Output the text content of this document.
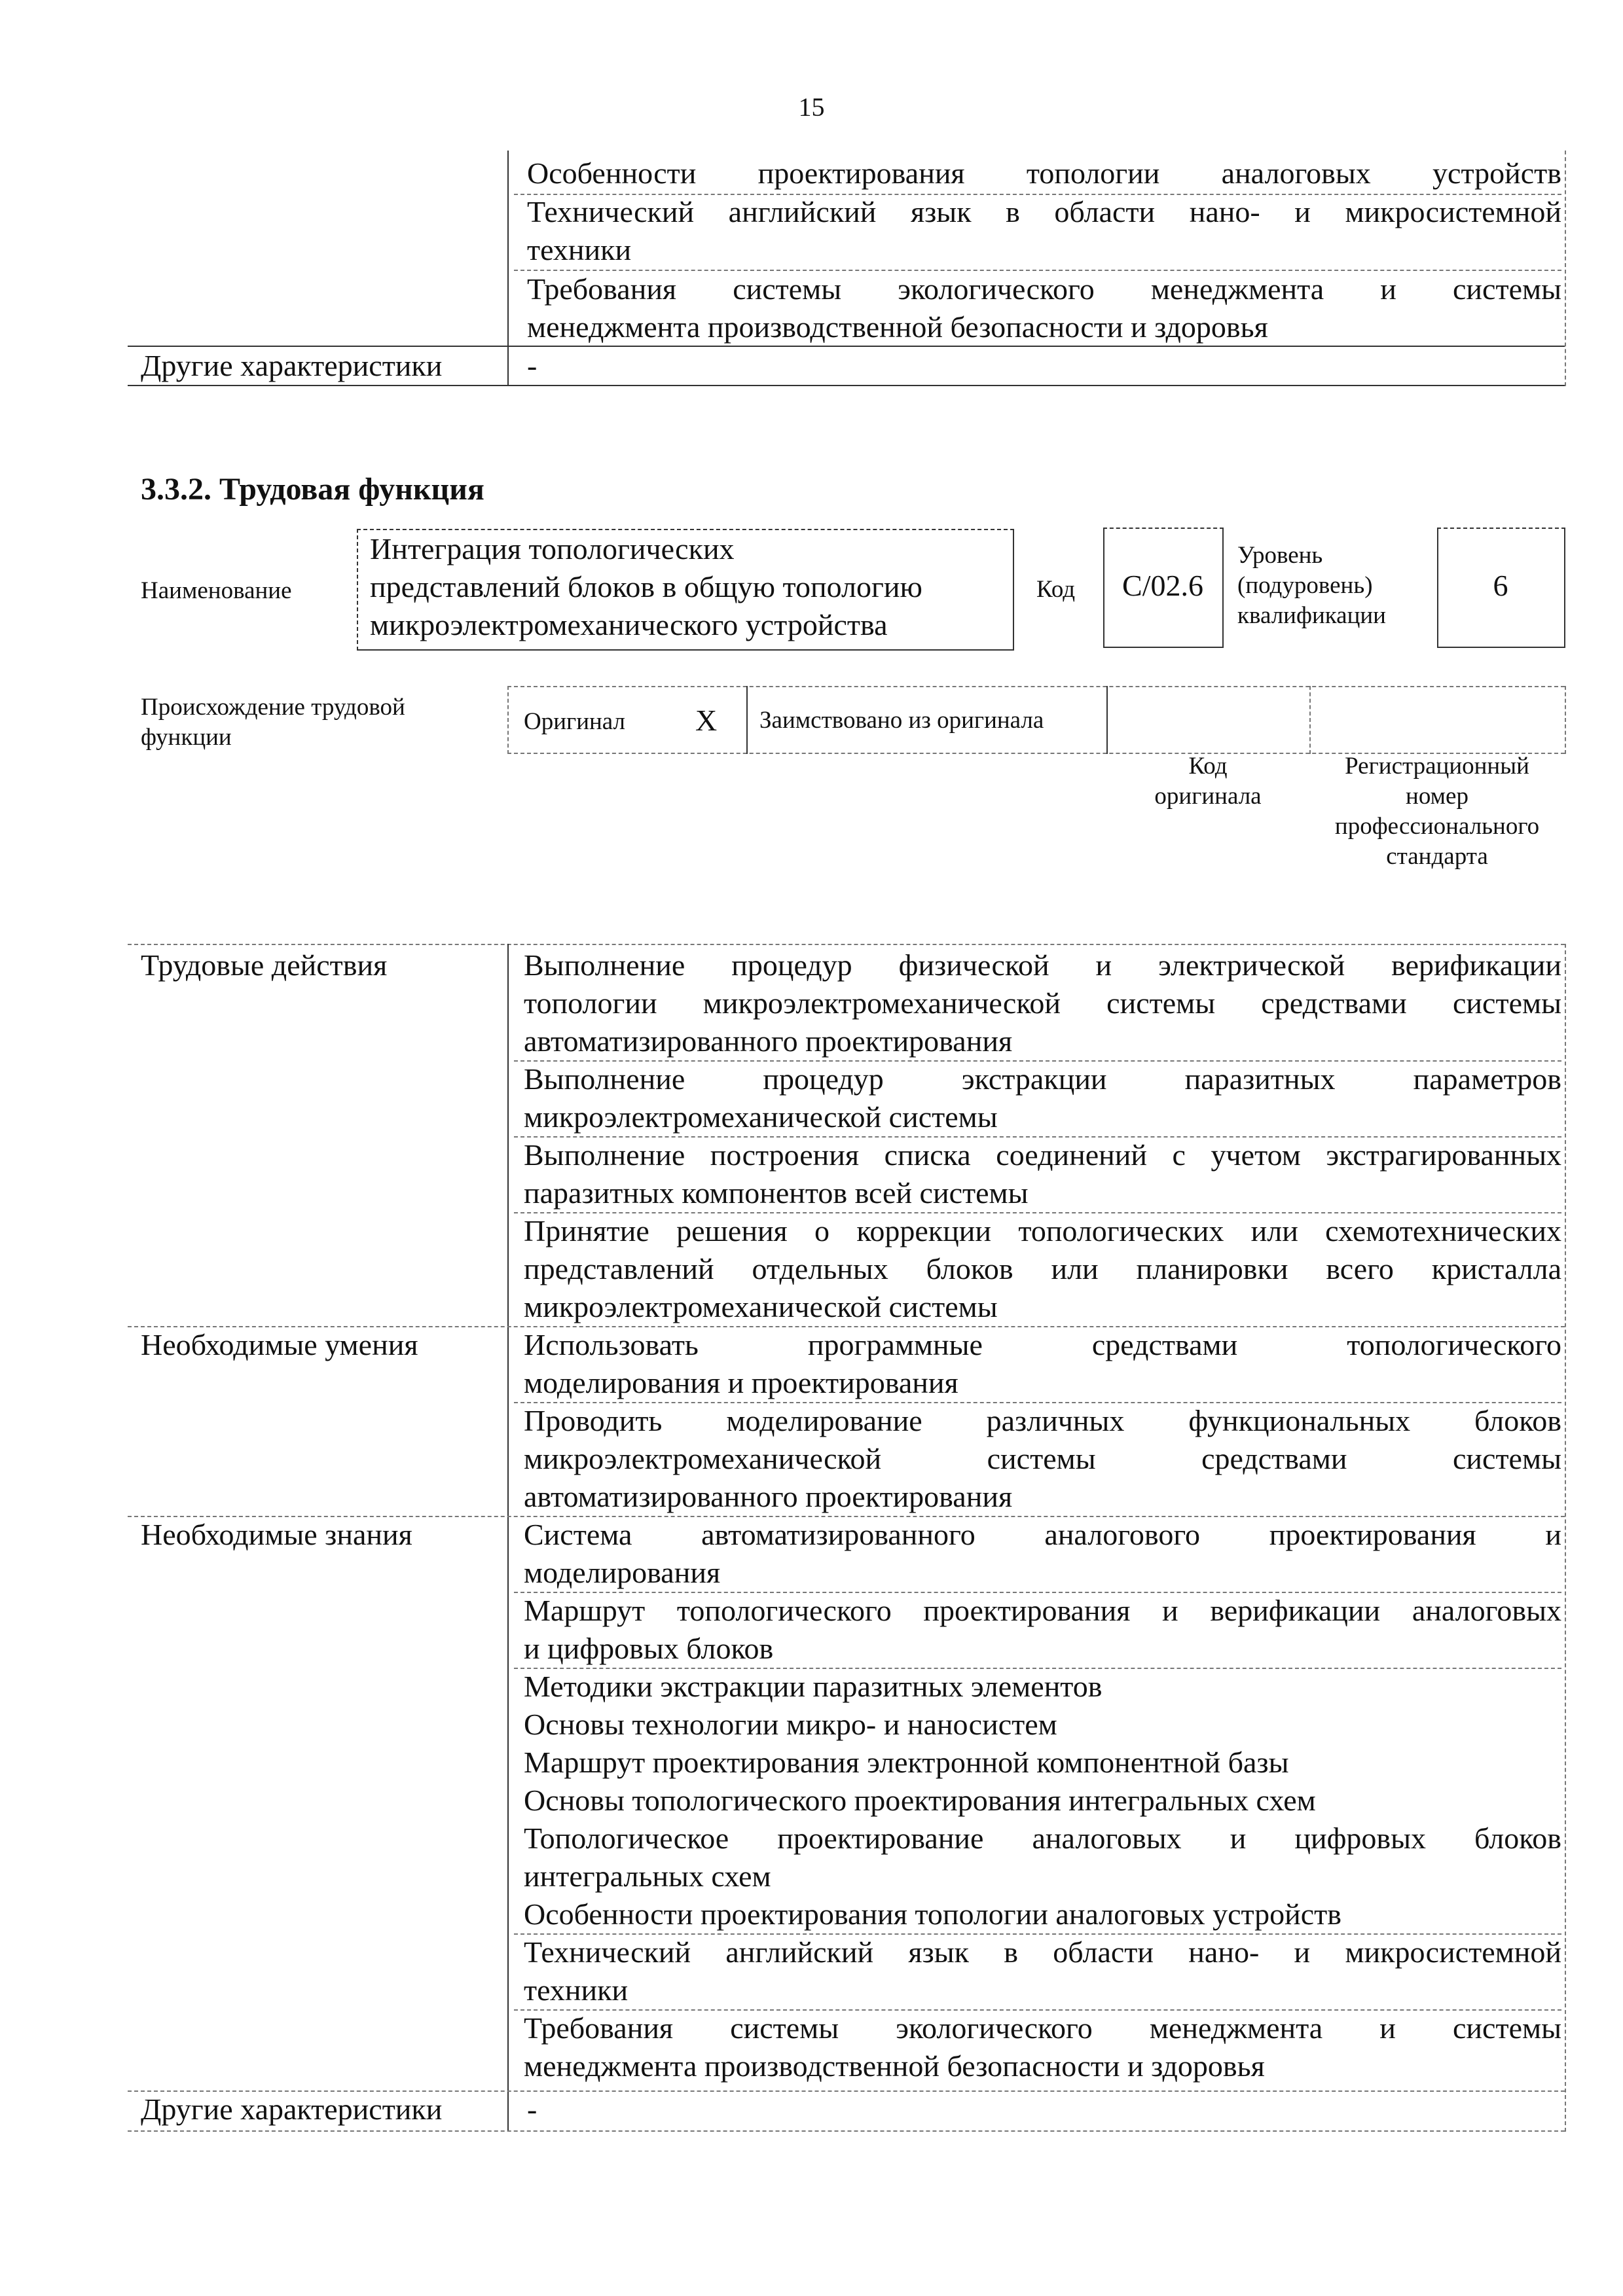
15
Особенности проектирования топологии аналоговых устройств
Технический английский язык в области нано- и микросистемной
техники
Требования системы экологического менеджмента и системы
менеджмента производственной безопасности и здоровья
Другие характеристики	-
3.3.2. Трудовая функция
Наименование
Интеграция топологических
представлений блоков в общую топологию
микроэлектромеханического устройства
Код	C/02.6
Уровень
(подуровень)
квалификации
6
Происхождение трудовой
функции
Оригинал X Заимствовано из оригинала
Код
оригинала
Регистрационный
номер
профессионального
стандарта
Трудовые действия	Выполнение процедур физической и электрической верификации
топологии микроэлектромеханической системы средствами системы
автоматизированного проектирования
Выполнение процедур экстракции паразитных параметров
микроэлектромеханической системы
Выполнение построения списка соединений с учетом экстрагированных
паразитных компонентов всей системы
Принятие решения о коррекции топологических или схемотехнических
представлений отдельных блоков или планировки всего кристалла
микроэлектромеханической системы
Необходимые умения	Использовать программные средствами топологического
моделирования и проектирования
Проводить моделирование различных функциональных блоков
микроэлектромеханической системы средствами системы
автоматизированного проектирования
Необходимые знания	Система автоматизированного аналогового проектирования и
моделирования
Маршрут топологического проектирования и верификации аналоговых
и цифровых блоков
Методики экстракции паразитных элементов
Основы технологии микро- и наносистем
Маршрут проектирования электронной компонентной базы
Основы топологического проектирования интегральных схем
Топологическое проектирование аналоговых и цифровых блоков
интегральных схем
Особенности проектирования топологии аналоговых устройств
Технический английский язык в области нано- и микросистемной
техники
Требования системы экологического менеджмента и системы
менеджмента производственной безопасности и здоровья
Другие характеристики	-
